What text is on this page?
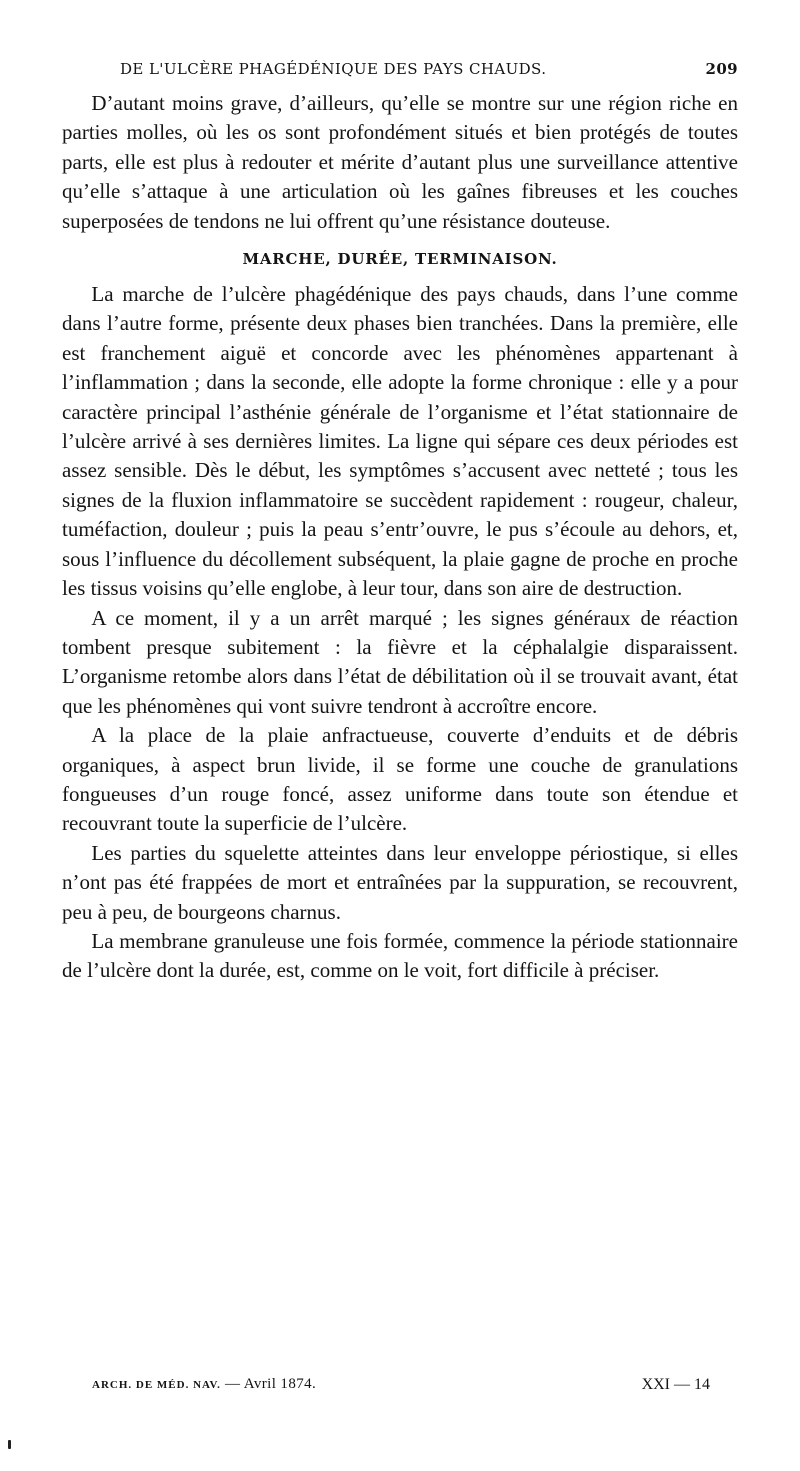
DE L'ULCÈRE PHAGÉDÉNIQUE DES PAYS CHAUDS.	209

D’autant moins grave, d’ailleurs, qu’elle se montre sur une région riche en parties molles, où les os sont profondément situés et bien protégés de toutes parts, elle est plus à redouter et mérite d’autant plus une surveillance attentive qu’elle s’attaque à une articulation où les gaînes fibreuses et les couches superposées de tendons ne lui offrent qu’une résistance douteuse.

MARCHE, DURÉE, TERMINAISON.

La marche de l’ulcère phagédénique des pays chauds, dans l’une comme dans l’autre forme, présente deux phases bien tranchées. Dans la première, elle est franchement aiguë et concorde avec les phénomènes appartenant à l’inflammation ; dans la seconde, elle adopte la forme chronique : elle y a pour caractère principal l’asthénie générale de l’organisme et l’état stationnaire de l’ulcère arrivé à ses dernières limites. La ligne qui sépare ces deux périodes est assez sensible. Dès le début, les symptômes s’accusent avec netteté ; tous les signes de la fluxion inflammatoire se succèdent rapidement : rougeur, chaleur, tuméfaction, douleur ; puis la peau s’entr’ouvre, le pus s’écoule au dehors, et, sous l’influence du décollement subséquent, la plaie gagne de proche en proche les tissus voisins qu’elle englobe, à leur tour, dans son aire de destruction.

A ce moment, il y a un arrêt marqué ; les signes généraux de réaction tombent presque subitement : la fièvre et la céphalalgie disparaissent. L’organisme retombe alors dans l’état de débilitation où il se trouvait avant, état que les phénomènes qui vont suivre tendront à accroître encore.

A la place de la plaie anfractueuse, couverte d’enduits et de débris organiques, à aspect brun livide, il se forme une couche de granulations fongueuses d’un rouge foncé, assez uniforme dans toute son étendue et recouvrant toute la superficie de l’ulcère.

Les parties du squelette atteintes dans leur enveloppe périostique, si elles n’ont pas été frappées de mort et entraînées par la suppuration, se recouvrent, peu à peu, de bourgeons charnus.

La membrane granuleuse une fois formée, commence la période stationnaire de l’ulcère dont la durée, est, comme on le voit, fort difficile à préciser.

ARCH. DE MÉD. NAV. — Avril 1874.	XXI — 14
